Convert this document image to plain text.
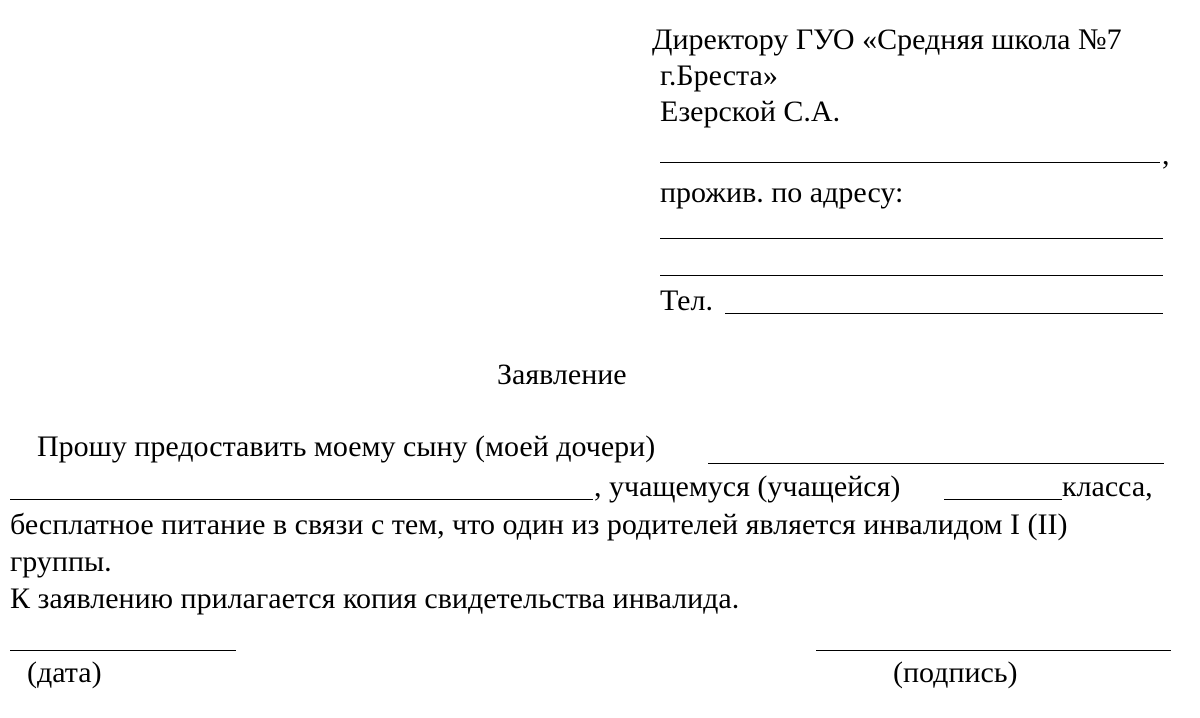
Директору ГУО «Средняя школа №7
г.Бреста»
Езерской С.А.
,
прожив. по адресу:
Тел.
Заявление
Прошу предоставить моему сыну (моей дочери)
, учащемуся (учащейся)	класса,
бесплатное питание в связи с тем, что один из родителей является инвалидом I (II)
группы.
К заявлению прилагается копия свидетельства инвалида.
(дата)	(подпись)
